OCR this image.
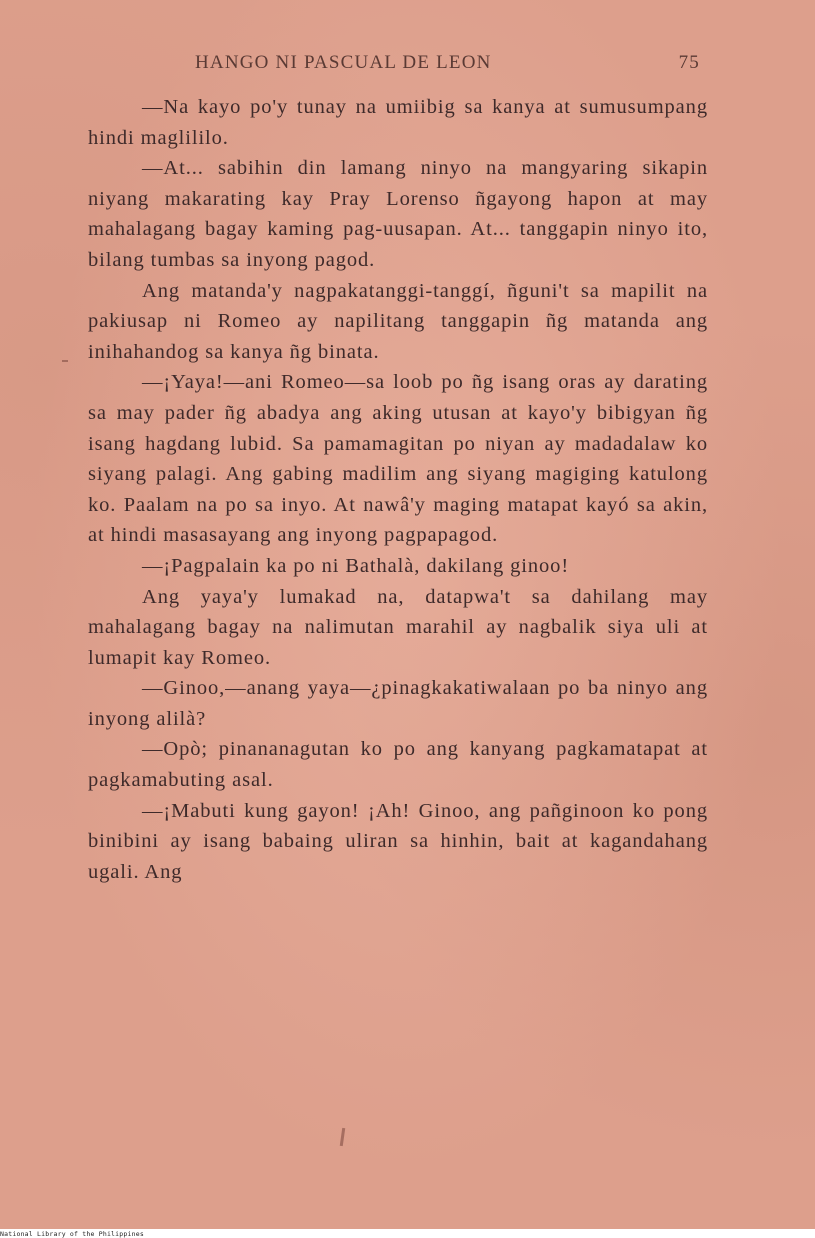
HANGO NI PASCUAL DE LEON	75

—Na kayo po'y tunay na umiibig sa kanya at sumusumpang hindi maglililo.

—At... sabihin din lamang ninyo na mangyaring sikapin niyang makarating kay Pray Lorenso ñgayong hapon at may mahalagang bagay kaming pag-uusapan. At... tanggapin ninyo ito, bilang tumbas sa inyong pagod.

Ang matanda'y nagpakatanggi-tanggí, ñguni't sa mapilit na pakiusap ni Romeo ay napilitang tanggapin ñg matanda ang inihahandog sa kanya ñg binata.

—¡Yaya!—ani Romeo—sa loob po ñg isang oras ay darating sa may pader ñg abadya ang aking utusan at kayo'y bibigyan ñg isang hagdang lubid. Sa pamamagitan po niyan ay madadalaw ko siyang palagi. Ang gabing madilim ang siyang magiging katulong ko. Paalam na po sa inyo. At nawâ'y maging matapat kayó sa akin, at hindi masasayang ang inyong pagpapagod.

—¡Pagpalain ka po ni Bathalà, dakilang ginoo!

Ang yaya'y lumakad na, datapwa't sa dahilang may mahalagang bagay na nalimutan marahil ay nagbalik siya uli at lumapit kay Romeo.

—Ginoo,—anang yaya—¿pinagkakatiwalaan po ba ninyo ang inyong alilà?

—Opò; pinananagutan ko po ang kanyang pagkamatapat at pagkamabuting asal.

—¡Mabuti kung gayon! ¡Ah! Ginoo, ang pañginoon ko pong binibini ay isang babaing uliran sa hinhin, bait at kagandahang ugali. Ang

National Library of the Philippines
